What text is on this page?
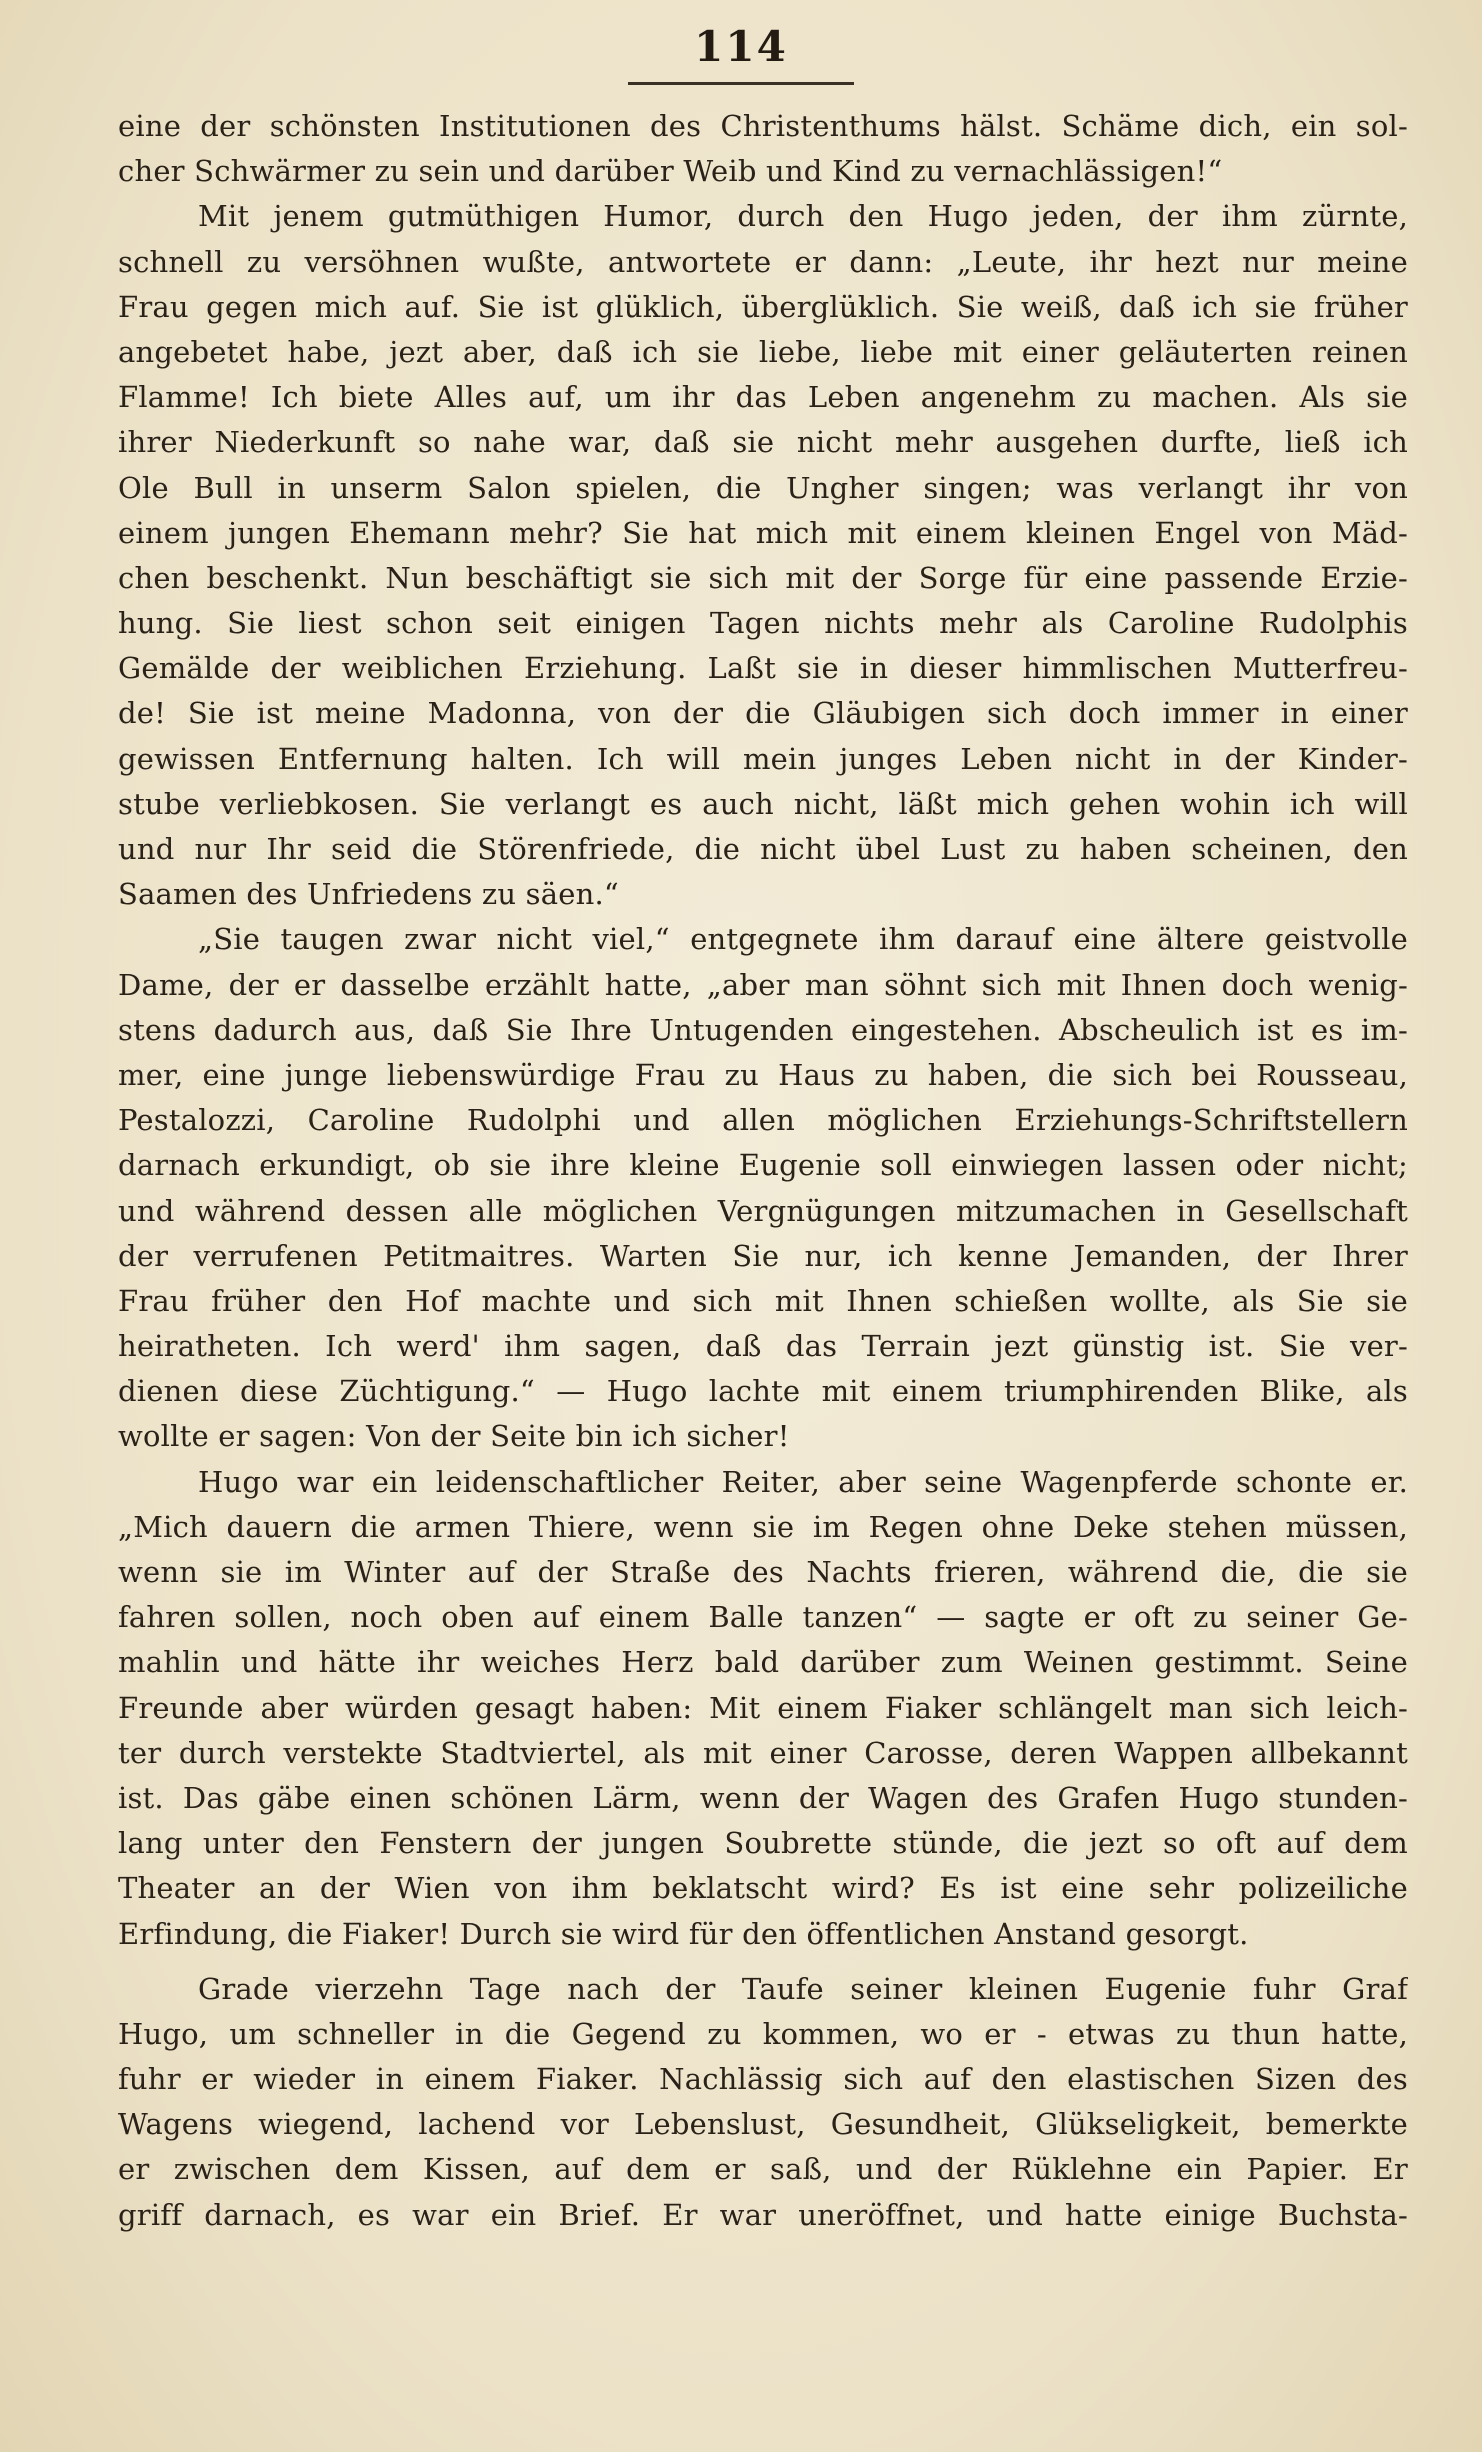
114
eine der schönsten Institutionen des Christenthums hälst. Schäme dich, ein sol-
cher Schwärmer zu sein und darüber Weib und Kind zu vernachlässigen!“
Mit jenem gutmüthigen Humor, durch den Hugo jeden, der ihm zürnte,
schnell zu versöhnen wußte, antwortete er dann: „Leute, ihr hezt nur meine
Frau gegen mich auf. Sie ist glüklich, überglüklich. Sie weiß, daß ich sie früher
angebetet habe, jezt aber, daß ich sie liebe, liebe mit einer geläuterten reinen
Flamme! Ich biete Alles auf, um ihr das Leben angenehm zu machen. Als sie
ihrer Niederkunft so nahe war, daß sie nicht mehr ausgehen durfte, ließ ich
Ole Bull in unserm Salon spielen, die Ungher singen; was verlangt ihr von
einem jungen Ehemann mehr? Sie hat mich mit einem kleinen Engel von Mäd-
chen beschenkt. Nun beschäftigt sie sich mit der Sorge für eine passende Erzie-
hung. Sie liest schon seit einigen Tagen nichts mehr als Caroline Rudolphis
Gemälde der weiblichen Erziehung. Laßt sie in dieser himmlischen Mutterfreu-
de! Sie ist meine Madonna, von der die Gläubigen sich doch immer in einer
gewissen Entfernung halten. Ich will mein junges Leben nicht in der Kinder-
stube verliebkosen. Sie verlangt es auch nicht, läßt mich gehen wohin ich will
und nur Ihr seid die Störenfriede, die nicht übel Lust zu haben scheinen, den
Saamen des Unfriedens zu säen.“
„Sie taugen zwar nicht viel,“ entgegnete ihm darauf eine ältere geistvolle
Dame, der er dasselbe erzählt hatte, „aber man söhnt sich mit Ihnen doch wenig-
stens dadurch aus, daß Sie Ihre Untugenden eingestehen. Abscheulich ist es im-
mer, eine junge liebenswürdige Frau zu Haus zu haben, die sich bei Rousseau,
Pestalozzi, Caroline Rudolphi und allen möglichen Erziehungs-Schriftstellern
darnach erkundigt, ob sie ihre kleine Eugenie soll einwiegen lassen oder nicht;
und während dessen alle möglichen Vergnügungen mitzumachen in Gesellschaft
der verrufenen Petitmaitres. Warten Sie nur, ich kenne Jemanden, der Ihrer
Frau früher den Hof machte und sich mit Ihnen schießen wollte, als Sie sie
heiratheten. Ich werd' ihm sagen, daß das Terrain jezt günstig ist. Sie ver-
dienen diese Züchtigung.“ — Hugo lachte mit einem triumphirenden Blike, als
wollte er sagen: Von der Seite bin ich sicher!
Hugo war ein leidenschaftlicher Reiter, aber seine Wagenpferde schonte er.
„Mich dauern die armen Thiere, wenn sie im Regen ohne Deke stehen müssen,
wenn sie im Winter auf der Straße des Nachts frieren, während die, die sie
fahren sollen, noch oben auf einem Balle tanzen“ — sagte er oft zu seiner Ge-
mahlin und hätte ihr weiches Herz bald darüber zum Weinen gestimmt. Seine
Freunde aber würden gesagt haben: Mit einem Fiaker schlängelt man sich leich-
ter durch verstekte Stadtviertel, als mit einer Carosse, deren Wappen allbekannt
ist. Das gäbe einen schönen Lärm, wenn der Wagen des Grafen Hugo stunden-
lang unter den Fenstern der jungen Soubrette stünde, die jezt so oft auf dem
Theater an der Wien von ihm beklatscht wird? Es ist eine sehr polizeiliche
Erfindung, die Fiaker! Durch sie wird für den öffentlichen Anstand gesorgt.
Grade vierzehn Tage nach der Taufe seiner kleinen Eugenie fuhr Graf
Hugo, um schneller in die Gegend zu kommen, wo er - etwas zu thun hatte,
fuhr er wieder in einem Fiaker. Nachlässig sich auf den elastischen Sizen des
Wagens wiegend, lachend vor Lebenslust, Gesundheit, Glükseligkeit, bemerkte
er zwischen dem Kissen, auf dem er saß, und der Rüklehne ein Papier. Er
griff darnach, es war ein Brief. Er war uneröffnet, und hatte einige Buchsta-
